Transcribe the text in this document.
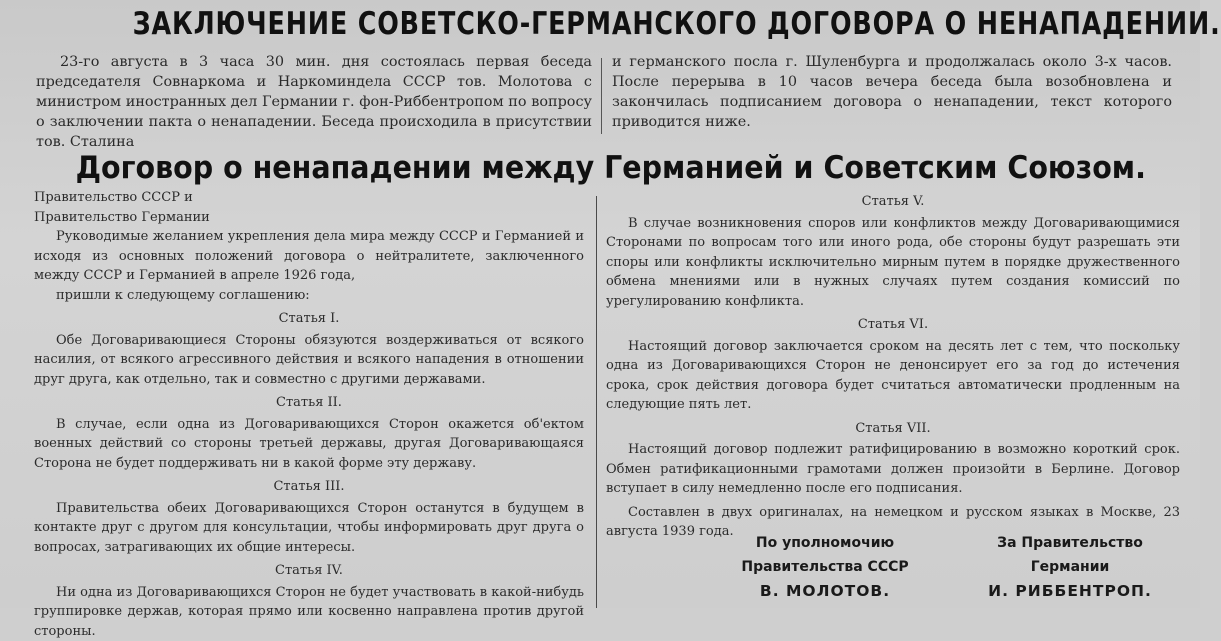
ЗАКЛЮЧЕНИЕ СОВЕТСКО-ГЕРМАНСКОГО ДОГОВОРА О НЕНАПАДЕНИИ.
23-го августа в 3 часа 30 мин. дня состоялась первая беседа председателя Совнаркома и Наркоминдела СССР тов. Молотова с министром иностранных дел Германии г. фон-Риббентропом по вопросу о заключении пакта о ненападении. Беседа происходила в присутствии тов. Сталина
и германского посла г. Шуленбурга и продолжалась около 3-х часов. После перерыва в 10 часов вечера беседа была возобновлена и закончилась подписанием договора о ненападении, текст которого приводится ниже.
Договор о ненападении между Германией и Советским Союзом.

Правительство СССР и

Правительство Германии

Руководимые желанием укрепления дела мира между СССР и Германией и исходя из основных положений договора о нейтралитете, заключенного между СССР и Германией в апреле 1926 года,

пришли к следующему соглашению:

Статья I.

Обе Договаривающиеся Стороны обязуются воздерживаться от всякого насилия, от всякого агрессивного действия и всякого нападения в отношении друг друга, как отдельно, так и совместно с другими державами.

Статья II.

В случае, если одна из Договаривающихся Сторон окажется об'ектом военных действий со стороны третьей державы, другая Договаривающаяся Сторона не будет поддерживать ни в какой форме эту державу.

Статья III.

Правительства обеих Договаривающихся Сторон останутся в будущем в контакте друг с другом для консультации, чтобы информировать друг друга о вопросах, затрагивающих их общие интересы.

Статья IV.

Ни одна из Договаривающихся Сторон не будет участвовать в какой-нибудь группировке держав, которая прямо или косвенно направлена против другой стороны.

Статья V.

В случае возникновения споров или конфликтов между Договаривающимися Сторонами по вопросам того или иного рода, обе стороны будут разрешать эти споры или конфликты исключительно мирным путем в порядке дружественного обмена мнениями или в нужных случаях путем создания комиссий по урегулированию конфликта.

Статья VI.

Настоящий договор заключается сроком на десять лет с тем, что поскольку одна из Договаривающихся Сторон не денонсирует его за год до истечения срока, срок действия договора будет считаться автоматически продленным на следующие пять лет.

Статья VII.

Настоящий договор подлежит ратифицированию в возможно короткий срок. Обмен ратификационными грамотами должен произойти в Берлине. Договор вступает в силу немедленно после его подписания.

Составлен в двух оригиналах, на немецком и русском языках в Москве, 23 августа 1939 года.

По уполномочию
Правительства СССР
В. МОЛОТОВ.
За Правительство
Германии
И. РИББЕНТРОП.
